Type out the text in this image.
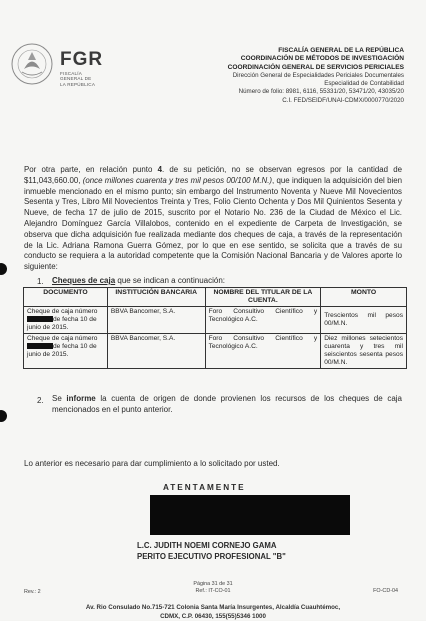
FGR
FISCALÍA
GENERAL DE
LA REPÚBLICA
FISCALÍA GENERAL DE LA REPÚBLICA
COORDINACIÓN DE MÉTODOS DE INVESTIGACIÓN
COORDINACIÓN GENERAL DE SERVICIOS PERICIALES
Dirección General de Especialidades Periciales Documentales
Especialidad de Contabilidad
Número de folio: 8981, 6116, 55331/20, 53471/20, 43035/20
C.I. FED/SEIDF/UNAI-CDMX/0000770/2020
Por otra parte, en relación punto 4. de su petición, no se observan egresos por la cantidad de $11,043,660.00, (once millones cuarenta y tres mil pesos 00/100 M.N.), que indiquen la adquisición del bien inmueble mencionado en el mismo punto; sin embargo del Instrumento Noventa y Nueve Mil Novecientos Sesenta y Tres, Libro Mil Novecientos Treinta y Tres, Folio Ciento Ochenta y Dos Mil Quinientos Sesenta y Nueve, de fecha 17 de julio de 2015, suscrito por el Notario No. 236 de la Ciudad de México el Lic. Alejandro Domínguez García Villalobos, contenido en el expediente de Carpeta de Investigación, se observa que dicha adquisición fue realizada mediante dos cheques de caja, a través de la representación de la Lic. Adriana Ramona Guerra Gómez, por lo que en ese sentido, se solicita que a través de su conducto se requiera a la autoridad competente que la Comisión Nacional Bancaria y de Valores aporte lo siguiente:
1. Cheques de caja que se indican a continuación:
DOCUMENTO	INSTITUCIÓN BANCARIA	NOMBRE DEL TITULAR DE LA CUENTA.	MONTO
Cheque de caja número
de fecha 10 de
junio de 2015.	BBVA Bancomer, S.A.	Foro Consultivo Científico y Tecnológico A.C.	Trescientos mil pesos 00/M.N.
Cheque de caja número
de fecha 10 de
junio de 2015.	BBVA Bancomer, S.A.	Foro Consultivo Científico y Tecnológico A.C.	Diez millones setecientos cuarenta y tres mil seiscientos sesenta pesos 00/M.N.
2. Se informe la cuenta de origen de donde provienen los recursos de los cheques de caja mencionados en el punto anterior.
Lo anterior es necesario para dar cumplimiento a lo solicitado por usted.
ATENTAMENTE
L.C. JUDITH NOEMI CORNEJO GAMA
PERITO EJECUTIVO PROFESIONAL "B"
Página 31 de 31
Ref.: IT-CO-01
Rev.: 2	FO-CD-04
Av. Rio Consulado No.715-721 Colonia Santa María Insurgentes, Alcaldía Cuauhtémoc,
CDMX, C.P. 06430, 155(55)5346 1000
